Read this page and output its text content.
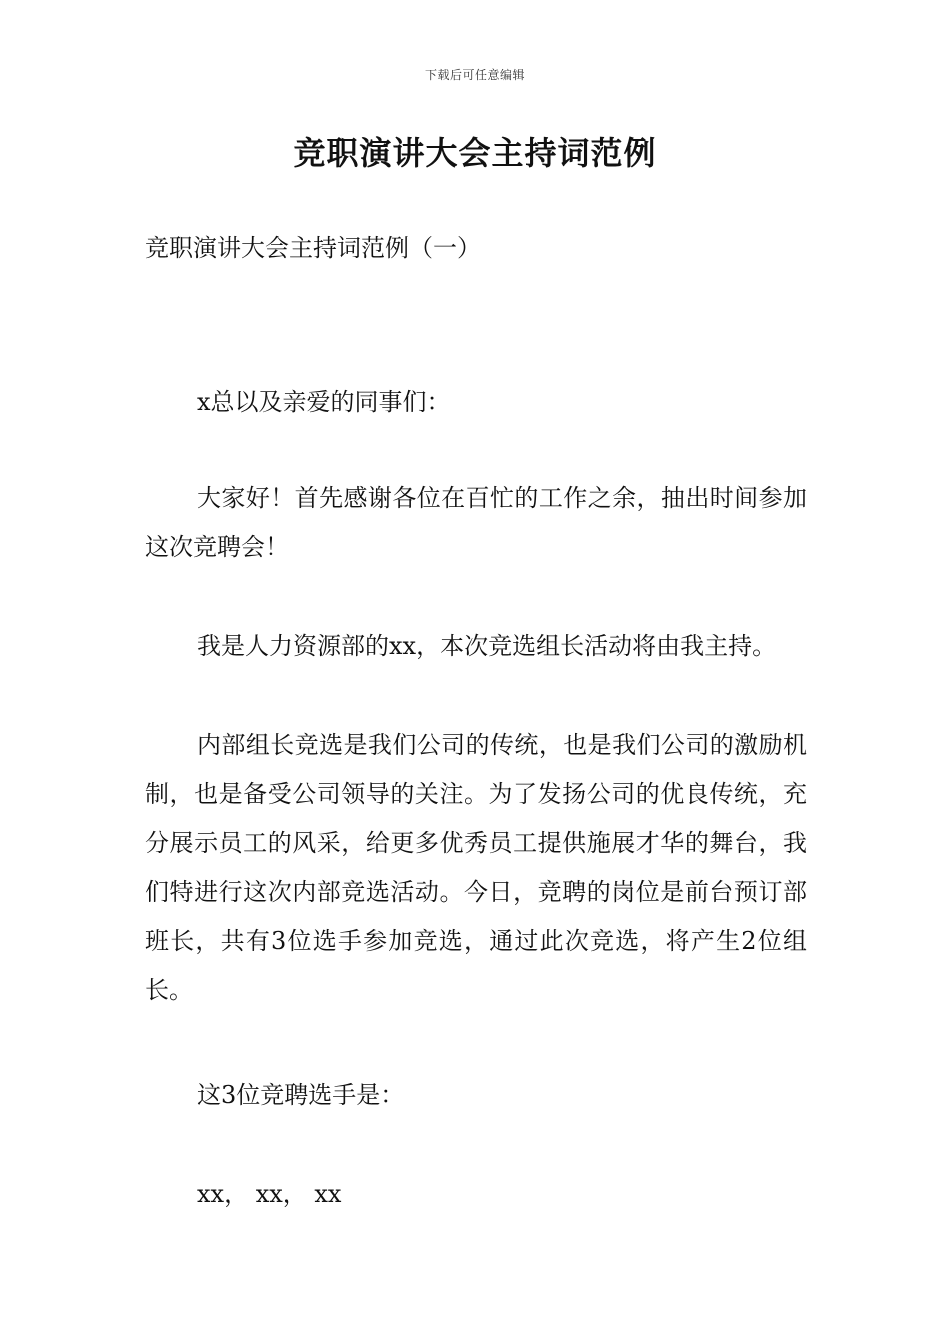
下载后可任意编辑
竞职演讲大会主持词范例
竞职演讲大会主持词范例（一）

x总以及亲爱的同事们：

大家好！首先感谢各位在百忙的工作之余，抽出时间参加这次竞聘会！

我是人力资源部的xx，本次竞选组长活动将由我主持。

内部组长竞选是我们公司的传统，也是我们公司的激励机制，也是备受公司领导的关注。为了发扬公司的优良传统，充分展示员工的风采，给更多优秀员工提供施展才华的舞台，我们特进行这次内部竞选活动。今日，竞聘的岗位是前台预订部班长，共有3位选手参加竞选，通过此次竞选，将产生2位组长。

这3位竞聘选手是：

xx， xx， xx
